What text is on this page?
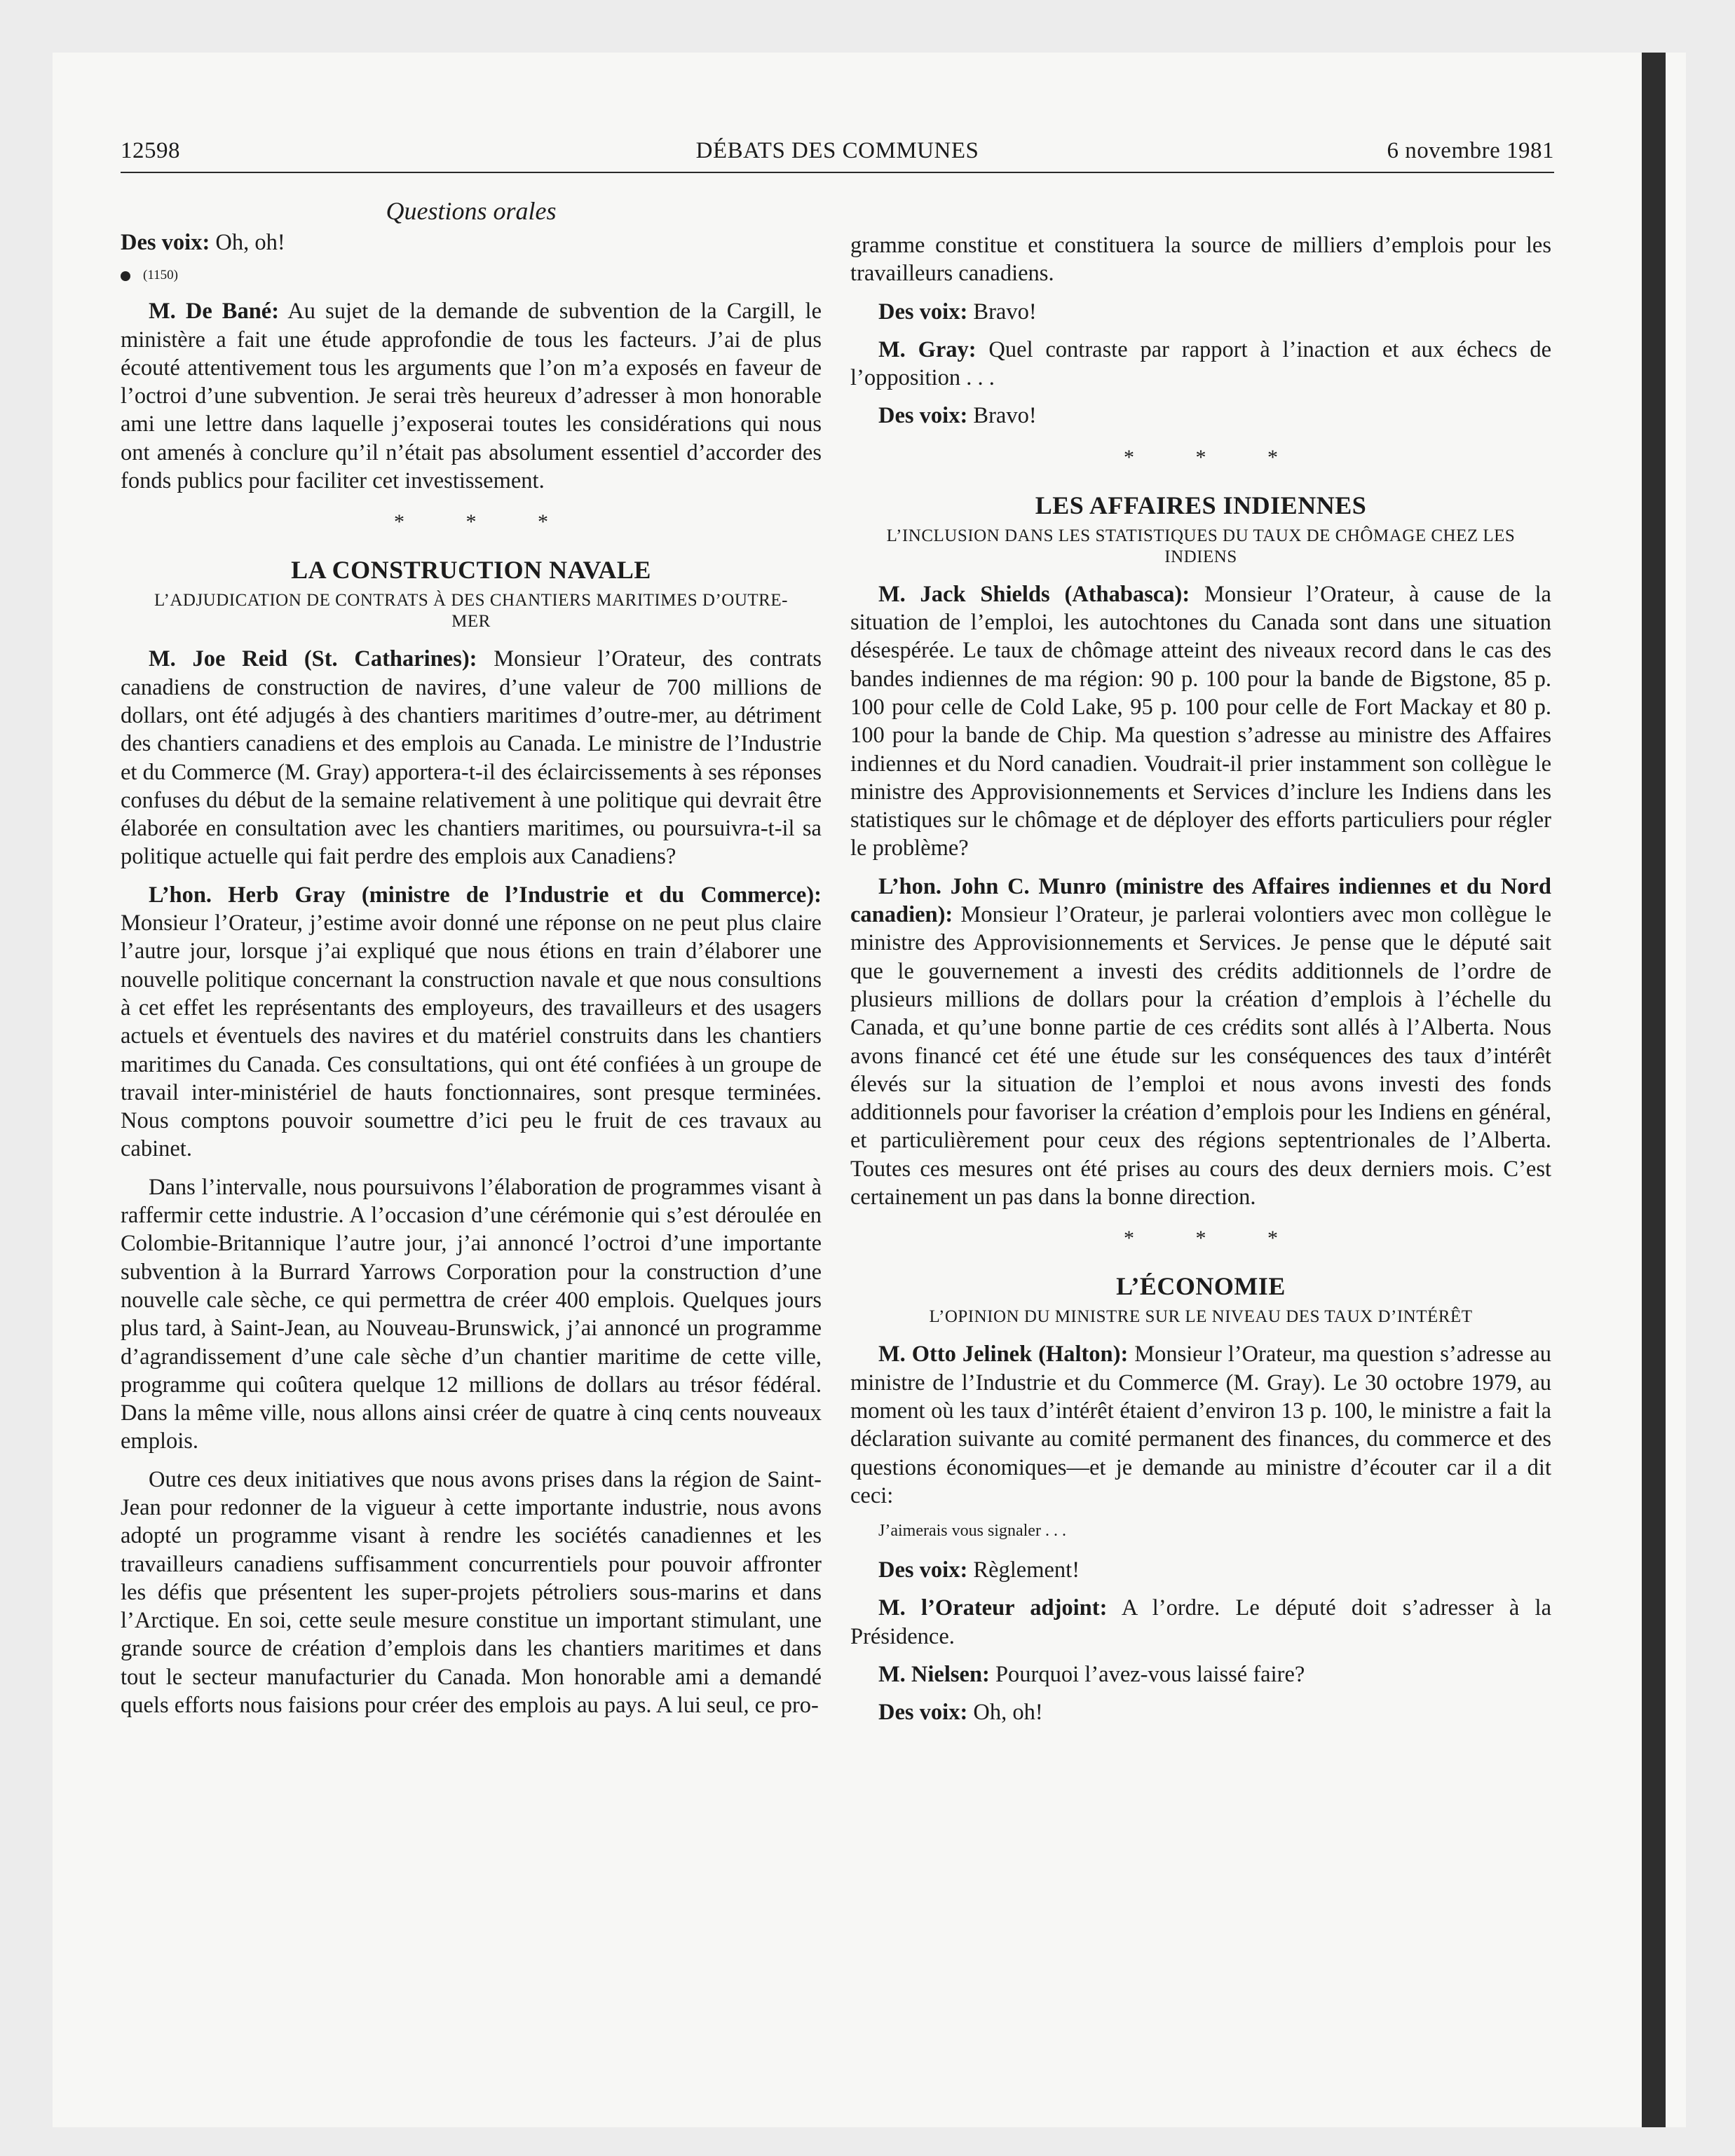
12598	DÉBATS DES COMMUNES	6 novembre 1981
Questions orales

Des voix: Oh, oh!

(1150)

M. De Bané: Au sujet de la demande de subvention de la Cargill, le ministère a fait une étude approfondie de tous les facteurs. J’ai de plus écouté attentivement tous les arguments que l’on m’a exposés en faveur de l’octroi d’une subvention. Je serai très heureux d’adresser à mon honorable ami une lettre dans laquelle j’exposerai toutes les considérations qui nous ont amenés à conclure qu’il n’était pas absolument essentiel d’accorder des fonds publics pour faciliter cet investissement.

* * *
LA CONSTRUCTION NAVALE
L’ADJUDICATION DE CONTRATS À DES CHANTIERS MARITIMES D’OUTRE-MER

M. Joe Reid (St. Catharines): Monsieur l’Orateur, des contrats canadiens de construction de navires, d’une valeur de 700 millions de dollars, ont été adjugés à des chantiers maritimes d’outre-mer, au détriment des chantiers canadiens et des emplois au Canada. Le ministre de l’Industrie et du Commerce (M. Gray) apportera-t-il des éclaircissements à ses réponses confuses du début de la semaine relativement à une politique qui devrait être élaborée en consultation avec les chantiers maritimes, ou poursuivra-t-il sa politique actuelle qui fait perdre des emplois aux Canadiens?

L’hon. Herb Gray (ministre de l’Industrie et du Commerce): Monsieur l’Orateur, j’estime avoir donné une réponse on ne peut plus claire l’autre jour, lorsque j’ai expliqué que nous étions en train d’élaborer une nouvelle politique concernant la construction navale et que nous consultions à cet effet les représentants des employeurs, des travailleurs et des usagers actuels et éventuels des navires et du matériel construits dans les chantiers maritimes du Canada. Ces consultations, qui ont été confiées à un groupe de travail inter-ministériel de hauts fonctionnaires, sont presque terminées. Nous comptons pouvoir soumettre d’ici peu le fruit de ces travaux au cabinet.

Dans l’intervalle, nous poursuivons l’élaboration de programmes visant à raffermir cette industrie. A l’occasion d’une cérémonie qui s’est déroulée en Colombie-Britannique l’autre jour, j’ai annoncé l’octroi d’une importante subvention à la Burrard Yarrows Corporation pour la construction d’une nouvelle cale sèche, ce qui permettra de créer 400 emplois. Quelques jours plus tard, à Saint-Jean, au Nouveau-Brunswick, j’ai annoncé un programme d’agrandissement d’une cale sèche d’un chantier maritime de cette ville, programme qui coûtera quelque 12 millions de dollars au trésor fédéral. Dans la même ville, nous allons ainsi créer de quatre à cinq cents nouveaux emplois.

Outre ces deux initiatives que nous avons prises dans la région de Saint-Jean pour redonner de la vigueur à cette importante industrie, nous avons adopté un programme visant à rendre les sociétés canadiennes et les travailleurs canadiens suffisamment concurrentiels pour pouvoir affronter les défis que présentent les super-projets pétroliers sous-marins et dans l’Arctique. En soi, cette seule mesure constitue un important stimulant, une grande source de création d’emplois dans les chantiers maritimes et dans tout le secteur manufacturier du Canada. Mon honorable ami a demandé quels efforts nous faisions pour créer des emplois au pays. A lui seul, ce pro-

gramme constitue et constituera la source de milliers d’emplois pour les travailleurs canadiens.

Des voix: Bravo!

M. Gray: Quel contraste par rapport à l’inaction et aux échecs de l’opposition . . .

Des voix: Bravo!

* * *
LES AFFAIRES INDIENNES
L’INCLUSION DANS LES STATISTIQUES DU TAUX DE CHÔMAGE CHEZ LES INDIENS

M. Jack Shields (Athabasca): Monsieur l’Orateur, à cause de la situation de l’emploi, les autochtones du Canada sont dans une situation désespérée. Le taux de chômage atteint des niveaux record dans le cas des bandes indiennes de ma région: 90 p. 100 pour la bande de Bigstone, 85 p. 100 pour celle de Cold Lake, 95 p. 100 pour celle de Fort Mackay et 80 p. 100 pour la bande de Chip. Ma question s’adresse au ministre des Affaires indiennes et du Nord canadien. Voudrait-il prier instamment son collègue le ministre des Approvisionnements et Services d’inclure les Indiens dans les statistiques sur le chômage et de déployer des efforts particuliers pour régler le problème?

L’hon. John C. Munro (ministre des Affaires indiennes et du Nord canadien): Monsieur l’Orateur, je parlerai volontiers avec mon collègue le ministre des Approvisionnements et Services. Je pense que le député sait que le gouvernement a investi des crédits additionnels de l’ordre de plusieurs millions de dollars pour la création d’emplois à l’échelle du Canada, et qu’une bonne partie de ces crédits sont allés à l’Alberta. Nous avons financé cet été une étude sur les conséquences des taux d’intérêt élevés sur la situation de l’emploi et nous avons investi des fonds additionnels pour favoriser la création d’emplois pour les Indiens en général, et particulièrement pour ceux des régions septentrionales de l’Alberta. Toutes ces mesures ont été prises au cours des deux derniers mois. C’est certainement un pas dans la bonne direction.

* * *
L’ÉCONOMIE
L’OPINION DU MINISTRE SUR LE NIVEAU DES TAUX D’INTÉRÊT

M. Otto Jelinek (Halton): Monsieur l’Orateur, ma question s’adresse au ministre de l’Industrie et du Commerce (M. Gray). Le 30 octobre 1979, au moment où les taux d’intérêt étaient d’environ 13 p. 100, le ministre a fait la déclaration suivante au comité permanent des finances, du commerce et des questions économiques—et je demande au ministre d’écouter car il a dit ceci:

J’aimerais vous signaler . . .

Des voix: Règlement!

M. l’Orateur adjoint: A l’ordre. Le député doit s’adresser à la Présidence.

M. Nielsen: Pourquoi l’avez-vous laissé faire?

Des voix: Oh, oh!
